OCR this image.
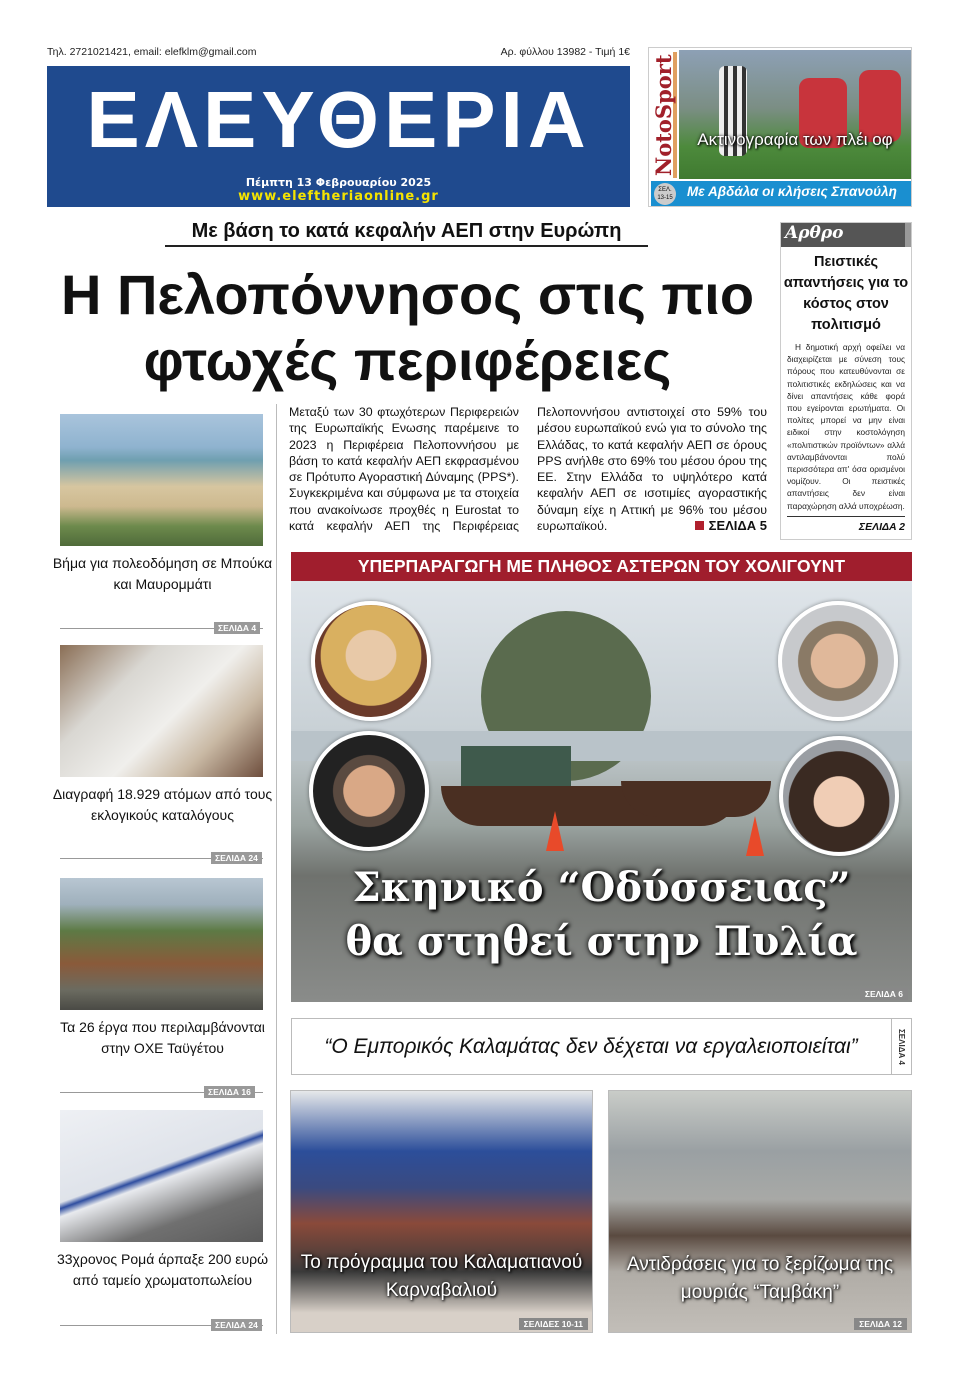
Τηλ. 2721021421, email: elefklm@gmail.com	Αρ. φύλλου 13982 - Τιμή 1€
ΕΛΕΥΘΕΡΙΑ
Πέμπτη 13 Φεβρουαρίου 2025
www.eleftheriaonline.gr
NotoSport	Ακτινογραφία των πλέι οφ
ΣΕΛ.
13-15 Με Αβδάλα οι κλήσεις Σπανούλη
Με βάση το κατά κεφαλήν ΑΕΠ στην Ευρώπη
Η Πελοπόννησος στις πιο φτωχές περιφέρειες
Αρθρο
Πειστικές απαντήσεις για το κόστος στον πολιτισμό
Η δημοτική αρχή οφείλει να διαχειρίζεται με σύνεση τους πόρους που κατευθύνονται σε πολιτιστικές εκδηλώσεις και να δίνει απαντήσεις κάθε φορά που εγείρονται ερωτήματα. Οι πολίτες μπορεί να μην είναι ειδικοί στην κοστολόγηση «πολιτιστικών προϊόντων» αλλά αντιλαμβάνονται πολύ περισσότερα απ' όσα ορισμένοι νομίζουν. Οι πειστικές απαντήσεις δεν είναι παραχώρηση αλλά υποχρέωση.
ΣΕΛΙΔΑ 2
Βήμα για πολεοδόμηση σε Μπούκα και Μαυρομμάτι
ΣΕΛΙΔΑ 4
Διαγραφή 18.929 ατόμων από τους εκλογικούς καταλόγους
ΣΕΛΙΔΑ 24
Τα 26 έργα που περιλαμβάνονται στην ΟΧΕ Ταϋγέτου
ΣΕΛΙΔΑ 16
33χρονος Ρομά άρπαξε 200 ευρώ από ταμείο χρωματοπωλείου
ΣΕΛΙΔΑ 24
Μεταξύ των 30 φτωχότερων Περιφερειών της Ευρωπαϊκής Ενωσης παρέμεινε το 2023 η Περιφέρεια Πελοποννήσου με βάση το κατά κεφαλήν ΑΕΠ εκφρασμένου σε Πρότυπο Αγοραστική Δύναμης (PPS*). Συγκεκριμένα και σύμφωνα με τα στοιχεία που ανακοίνωσε προχθές η Eurostat το κατά κεφαλήν ΑΕΠ της Περιφέρειας Πελοποννήσου αντιστοιχεί στο 59% του μέσου ευρωπαϊκού ενώ για το σύνολο της Ελλάδας, το κατά κεφαλήν ΑΕΠ σε όρους PPS ανήλθε στο 69% του μέσου όρου της ΕΕ. Στην Ελλάδα το υψηλότερο κατά κεφαλήν ΑΕΠ σε ισοτιμίες αγοραστικής δύναμη είχε η Αττική με 96% του μέσου ευρωπαϊκού.	ΣΕΛΙΔΑ 5
ΥΠΕΡΠΑΡΑΓΩΓΗ ΜΕ ΠΛΗΘΟΣ ΑΣΤΕΡΩΝ ΤΟΥ ΧΟΛΙΓΟΥΝΤ
Σκηνικό “Οδύσσειας”
θα στηθεί στην Πυλία
ΣΕΛΙΔΑ 6
“Ο Εμπορικός Καλαμάτας δεν δέχεται να εργαλειοποιείται”	ΣΕΛΙΔΑ 4
Το πρόγραμμα του Καλαματιανού Καρναβαλιού
ΣΕΛΙΔΕΣ 10-11
Αντιδράσεις για το ξερίζωμα της μουριάς “Ταμβάκη”
ΣΕΛΙΔΑ 12
